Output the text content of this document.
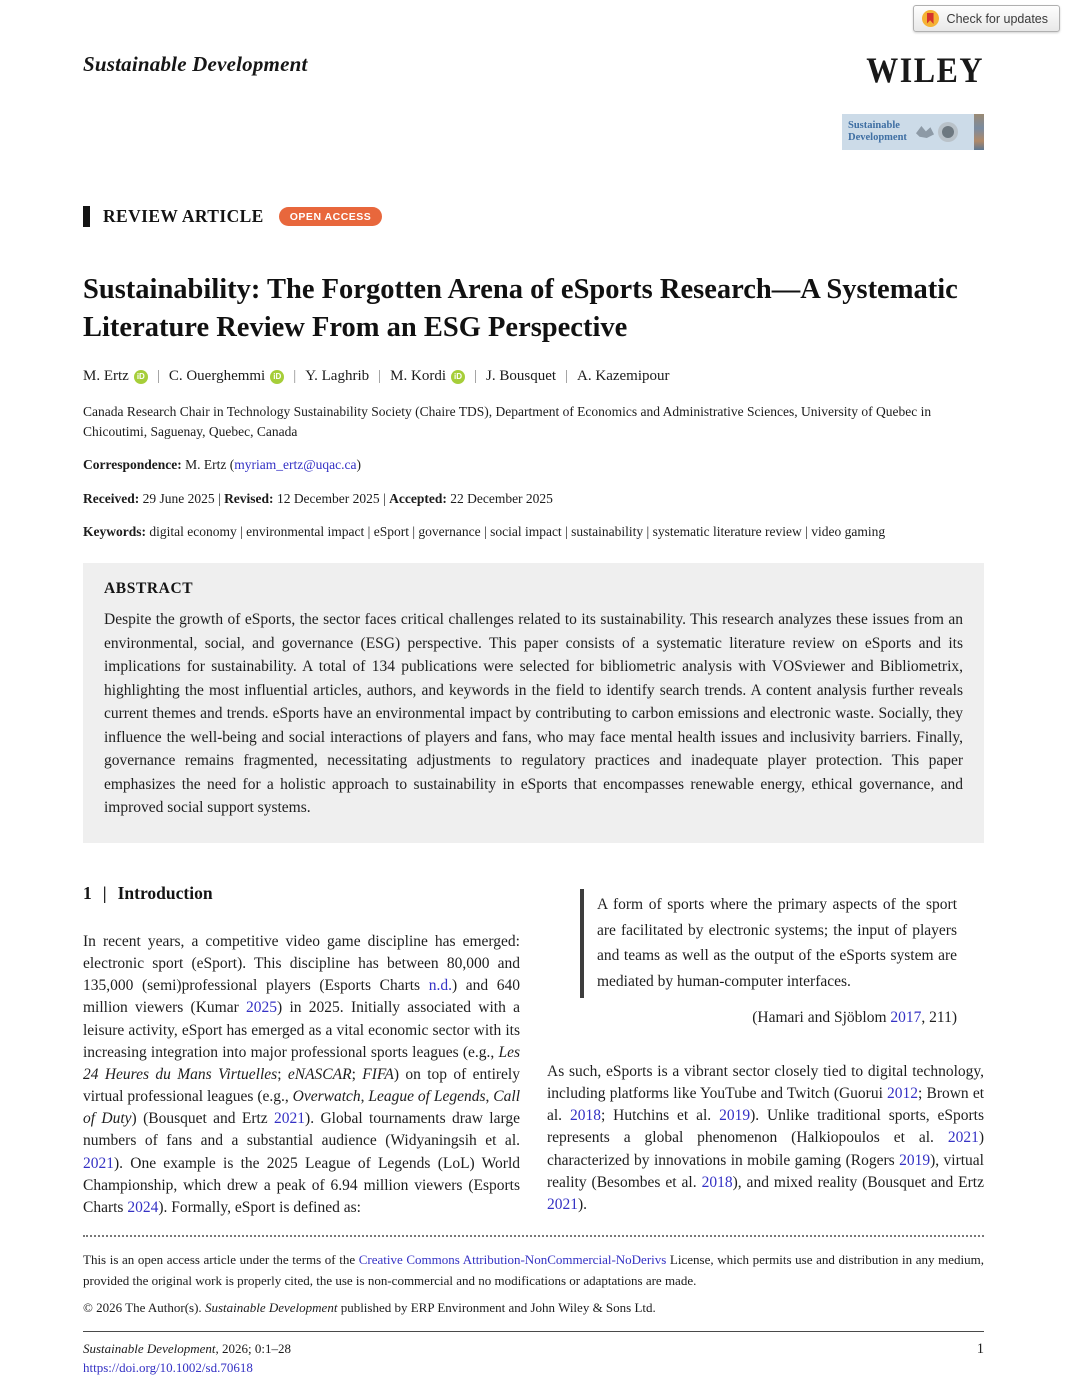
Check for updates
Sustainable Development	WILEY
Sustainable Development
REVIEW ARTICLE	OPEN ACCESS
Sustainability: The Forgotten Arena of eSports Research—A Systematic Literature Review From an ESG Perspective
M. Ertz iD | C. Ouerghemmi iD | Y. Laghrib | M. Kordi iD | J. Bousquet | A. Kazemipour
Canada Research Chair in Technology Sustainability Society (Chaire TDS), Department of Economics and Administrative Sciences, University of Quebec in Chicoutimi, Saguenay, Quebec, Canada
Correspondence: M. Ertz (myriam_ertz@uqac.ca)
Received: 29 June 2025 | Revised: 12 December 2025 | Accepted: 22 December 2025
Keywords: digital economy | environmental impact | eSport | governance | social impact | sustainability | systematic literature review | video gaming
ABSTRACT

Despite the growth of eSports, the sector faces critical challenges related to its sustainability. This research analyzes these issues from an environmental, social, and governance (ESG) perspective. This paper consists of a systematic literature review on eSports and its implications for sustainability. A total of 134 publications were selected for bibliometric analysis with VOSviewer and Bibliometrix, highlighting the most influential articles, authors, and keywords in the field to identify search trends. A content analysis further reveals current themes and trends. eSports have an environmental impact by contributing to carbon emissions and electronic waste. Socially, they influence the well-being and social interactions of players and fans, who may face mental health issues and inclusivity barriers. Finally, governance remains fragmented, necessitating adjustments to regulatory practices and inadequate player protection. This paper emphasizes the need for a holistic approach to sustainability in eSports that encompasses renewable energy, ethical governance, and improved social support systems.

1 | Introduction

In recent years, a competitive video game discipline has emerged: electronic sport (eSport). This discipline has between 80,000 and 135,000 (semi)professional players (Esports Charts n.d.) and 640 million viewers (Kumar 2025) in 2025. Initially associated with a leisure activity, eSport has emerged as a vital economic sector with its increasing integration into major professional sports leagues (e.g., Les 24 Heures du Mans Virtuelles; eNASCAR; FIFA) on top of entirely virtual professional leagues (e.g., Overwatch, League of Legends, Call of Duty) (Bousquet and Ertz 2021). Global tournaments draw large numbers of fans and a substantial audience (Widyaningsih et al. 2021). One example is the 2025 League of Legends (LoL) World Championship, which drew a peak of 6.94 million viewers (Esports Charts 2024). Formally, eSport is defined as:

A form of sports where the primary aspects of the sport are facilitated by electronic systems; the input of players and teams as well as the output of the eSports system are mediated by human-computer interfaces.
(Hamari and Sjöblom 2017, 211)

As such, eSports is a vibrant sector closely tied to digital technology, including platforms like YouTube and Twitch (Guorui 2012; Brown et al. 2018; Hutchins et al. 2019). Unlike traditional sports, eSports represents a global phenomenon (Halkiopoulos et al. 2021) characterized by innovations in mobile gaming (Rogers 2019), virtual reality (Besombes et al. 2018), and mixed reality (Bousquet and Ertz 2021).

This is an open access article under the terms of the Creative Commons Attribution-NonCommercial-NoDerivs License, which permits use and distribution in any medium, provided the original work is properly cited, the use is non-commercial and no modifications or adaptations are made.
© 2026 The Author(s). Sustainable Development published by ERP Environment and John Wiley & Sons Ltd.
Sustainable Development, 2026; 0:1–28
https://doi.org/10.1002/sd.70618
1
